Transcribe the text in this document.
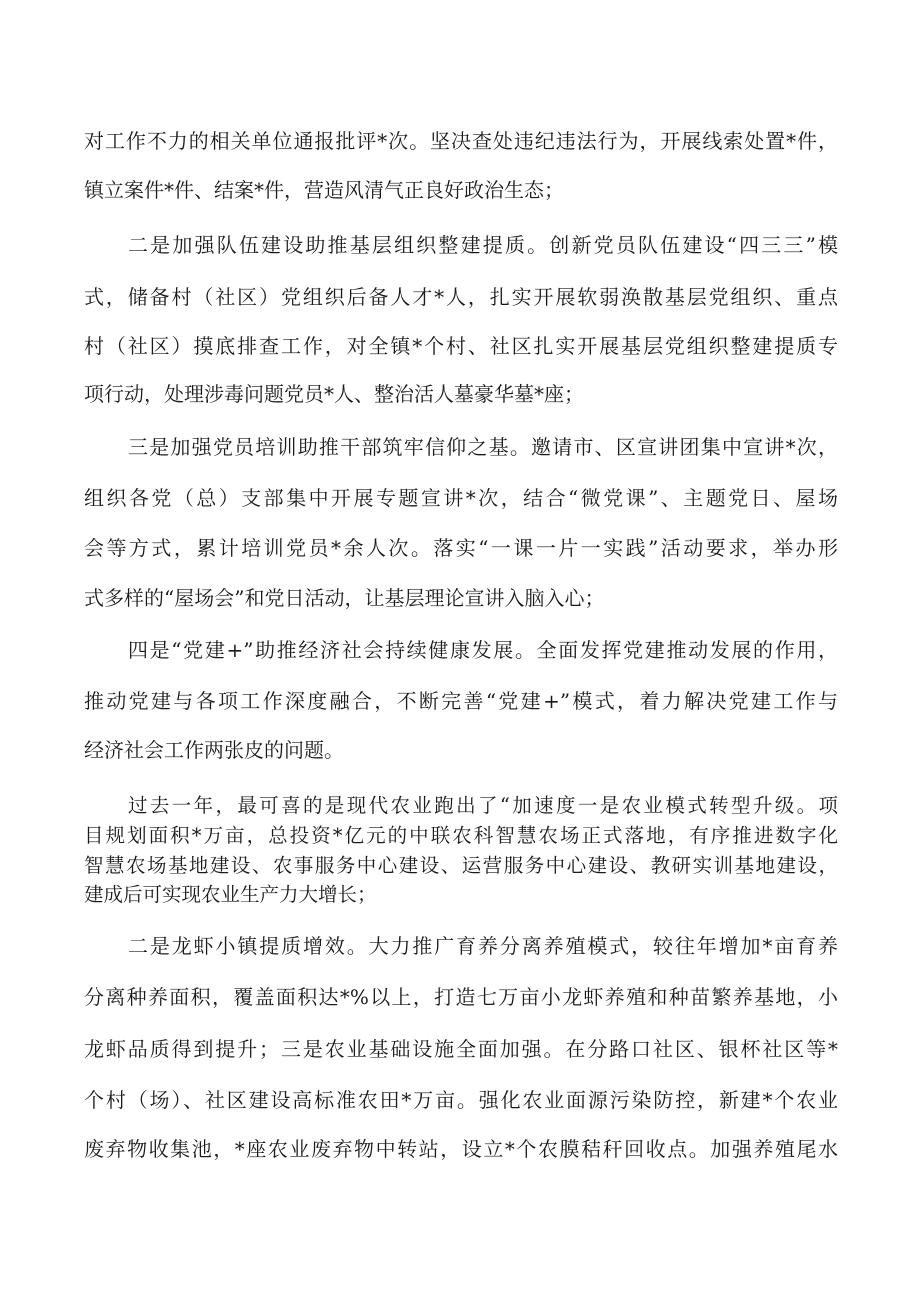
对工作不力的相关单位通报批评*次。坚决查处违纪违法行为，开展线索处置*件，
镇立案件*件、结案*件，营造风清气正良好政治生态；
二是加强队伍建设助推基层组织整建提质。创新党员队伍建设“四三三”模
式，储备村（社区）党组织后备人才*人，扎实开展软弱涣散基层党组织、重点
村（社区）摸底排查工作，对全镇*个村、社区扎实开展基层党组织整建提质专
项行动，处理涉毒问题党员*人、整治活人墓豪华墓*座；
三是加强党员培训助推干部筑牢信仰之基。邀请市、区宣讲团集中宣讲*次，
组织各党（总）支部集中开展专题宣讲*次，结合“微党课”、主题党日、屋场
会等方式，累计培训党员*余人次。落实“一课一片一实践”活动要求，举办形
式多样的“屋场会”和党日活动，让基层理论宣讲入脑入心；
四是“党建+”助推经济社会持续健康发展。全面发挥党建推动发展的作用，
推动党建与各项工作深度融合，不断完善“党建+”模式，着力解决党建工作与
经济社会工作两张皮的问题。
过去一年，最可喜的是现代农业跑出了“加速度一是农业模式转型升级。项
目规划面积*万亩，总投资*亿元的中联农科智慧农场正式落地，有序推进数字化
智慧农场基地建设、农事服务中心建设、运营服务中心建设、教研实训基地建设，
建成后可实现农业生产力大增长；
二是龙虾小镇提质增效。大力推广育养分离养殖模式，较往年增加*亩育养
分离种养面积，覆盖面积达*%以上，打造七万亩小龙虾养殖和种苗繁养基地，小
龙虾品质得到提升；三是农业基础设施全面加强。在分路口社区、银杯社区等*
个村（场）、社区建设高标准农田*万亩。强化农业面源污染防控，新建*个农业
废弃物收集池，*座农业废弃物中转站，设立*个农膜秸秆回收点。加强养殖尾水
